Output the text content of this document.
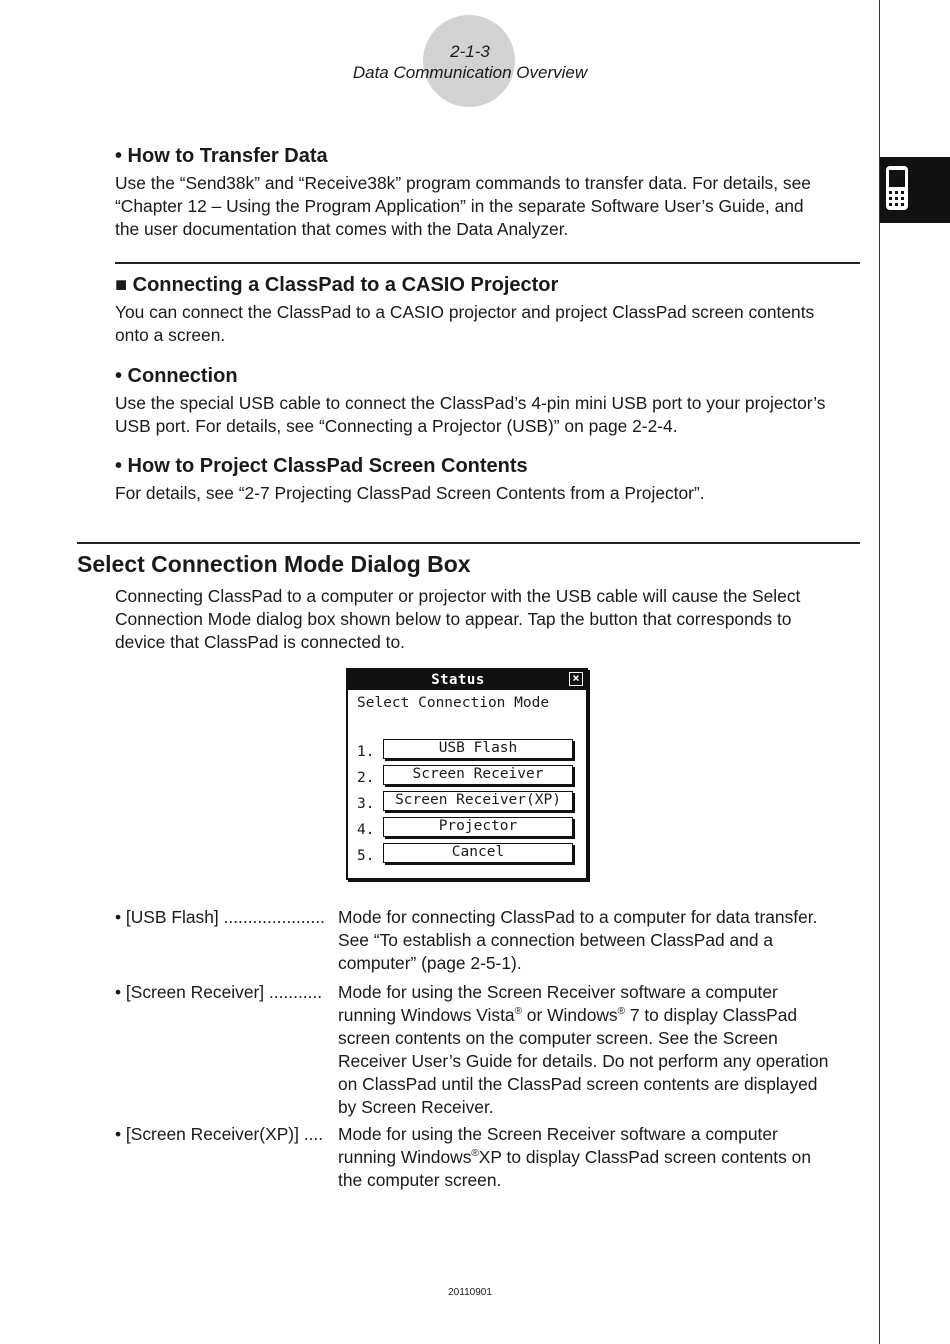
2-1-3
Data Communication Overview
• How to Transfer Data
Use the “Send38k” and “Receive38k” program commands to transfer data. For details, see
“Chapter 12 – Using the Program Application” in the separate Software User’s Guide, and
the user documentation that comes with the Data Analyzer.
■ Connecting a ClassPad to a CASIO Projector
You can connect the ClassPad to a CASIO projector and project ClassPad screen contents
onto a screen.
• Connection
Use the special USB cable to connect the ClassPad’s 4-pin mini USB port to your projector’s
USB port. For details, see “Connecting a Projector (USB)” on page 2-2-4.
• How to Project ClassPad Screen Contents
For details, see “2-7 Projecting ClassPad Screen Contents from a Projector”.
Select Connection Mode Dialog Box
Connecting ClassPad to a computer or projector with the USB cable will cause the Select
Connection Mode dialog box shown below to appear. Tap the button that corresponds to
device that ClassPad is connected to.
Status	×
Select Connection Mode
1.	USB Flash
2.	Screen Receiver
3.	Screen Receiver(XP)
4.	Projector
5.	Cancel
• [USB Flash] ..................... Mode for connecting ClassPad to a computer for data transfer.
See “To establish a connection between ClassPad and a
computer” (page 2-5-1).
• [Screen Receiver] ........... Mode for using the Screen Receiver software a computer
running Windows Vista® or Windows® 7 to display ClassPad
screen contents on the computer screen. See the Screen
Receiver User’s Guide for details. Do not perform any operation
on ClassPad until the ClassPad screen contents are displayed
by Screen Receiver.
• [Screen Receiver(XP)] .... Mode for using the Screen Receiver software a computer
running Windows®XP to display ClassPad screen contents on
the computer screen.
20110901
